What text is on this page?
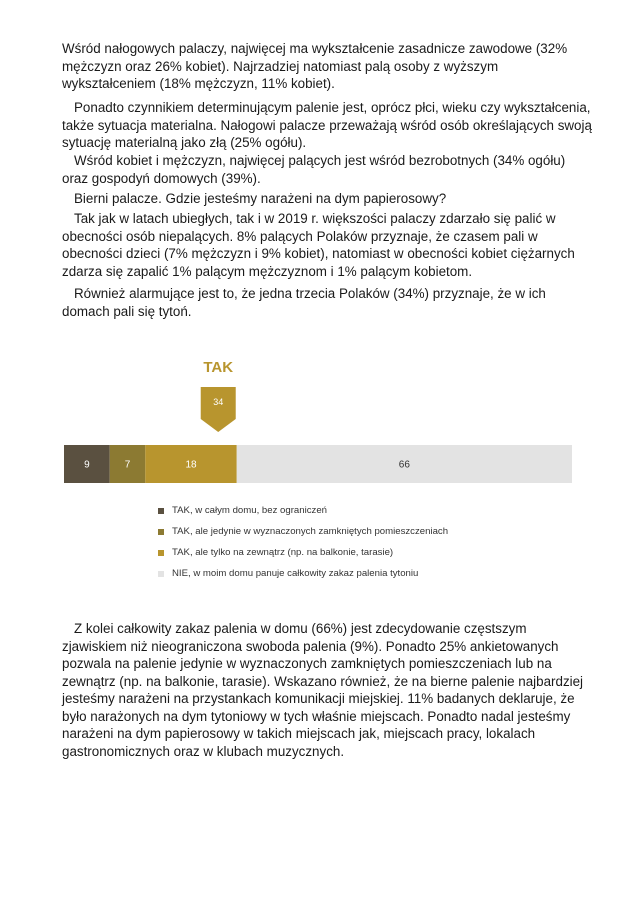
Wśród nałogowych palaczy, najwięcej ma wykształcenie zasadnicze zawodowe (32% mężczyzn oraz 26% kobiet). Najrzadziej natomiast palą osoby z wyższym wykształceniem (18% mężczyzn, 11% kobiet).

Ponadto czynnikiem determinującym palenie jest, oprócz płci, wieku czy wykształcenia, także sytuacja materialna. Nałogowi palacze przeważają wśród osób określających swoją sytuację materialną jako złą (25% ogółu).

Wśród kobiet i mężczyzn, najwięcej palących jest wśród bezrobotnych (34% ogółu) oraz gospodyń domowych (39%).

Bierni palacze. Gdzie jesteśmy narażeni na dym papierosowy?

Tak jak w latach ubiegłych, tak i w 2019 r. większości palaczy zdarzało się palić w obecności osób niepalących. 8% palących Polaków przyznaje, że czasem pali w obecności dzieci (7% mężczyzn i 9% kobiet), natomiast w obecności kobiet ciężarnych zdarza się zapalić 1% palącym mężczyznom i 1% palącym kobietom.

Również alarmujące jest to, że jedna trzecia Polaków (34%) przyznaje, że w ich domach pali się tytoń.

9	7	18	66
TAK
34
TAK, w całym domu, bez ograniczeń
TAK, ale jedynie w wyznaczonych zamkniętych pomieszczeniach
TAK, ale tylko na zewnątrz (np. na balkonie, tarasie)
NIE, w moim domu panuje całkowity zakaz palenia tytoniu

Z kolei całkowity zakaz palenia w domu (66%) jest zdecydowanie częstszym zjawiskiem niż nieograniczona swoboda palenia (9%). Ponadto 25% ankietowanych pozwala na palenie jedynie w wyznaczonych zamkniętych pomieszczeniach lub na zewnątrz (np. na balkonie, tarasie). Wskazano również, że na bierne palenie najbardziej jesteśmy narażeni na przystankach komunikacji miejskiej. 11% badanych deklaruje, że było narażonych na dym tytoniowy w tych właśnie miejscach. Ponadto nadal jesteśmy narażeni na dym papierosowy w takich miejscach jak, miejscach pracy, lokalach gastronomicznych oraz w klubach muzycznych.
